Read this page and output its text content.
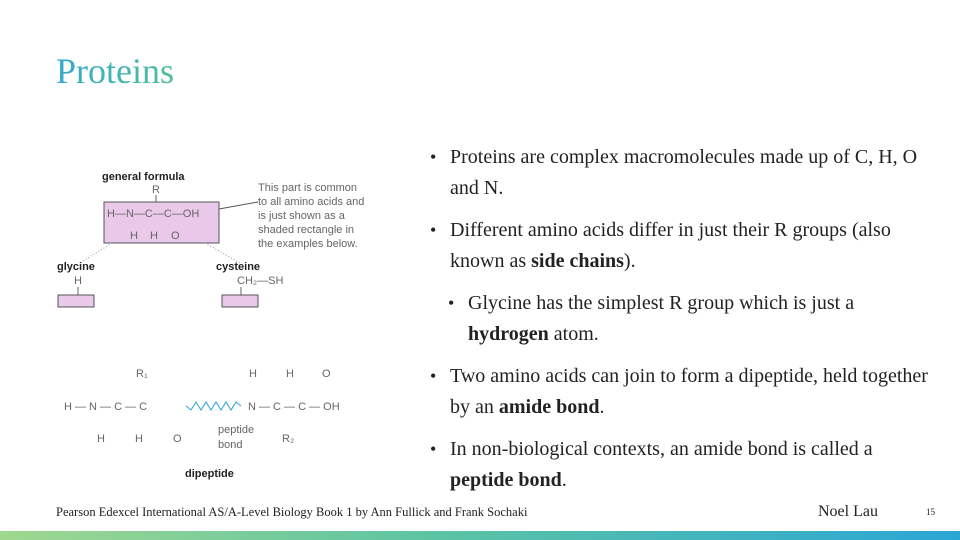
Proteins
general formula
R
H—N—C—C—OH
H H O
This part is common
to all amino acids and
is just shown as a
shaded rectangle in
the examples below.
glycine
H
cysteine
CH₂—SH
R₁	H	H	O
H — N — C — C	N — C — C — OH
H	H	O
peptide
bond	R₂
dipeptide
• Proteins are complex macromolecules made up of C, H, O and N.
• Different amino acids differ in just their R groups (also known as side chains).
• Glycine has the simplest R group which is just a hydrogen atom.
• Two amino acids can join to form a dipeptide, held together by an amide bond.
• In non-biological contexts, an amide bond is called a peptide bond.
Pearson Edexcel International AS/A-Level Biology Book 1 by Ann Fullick and Frank Sochaki	Noel Lau	15
